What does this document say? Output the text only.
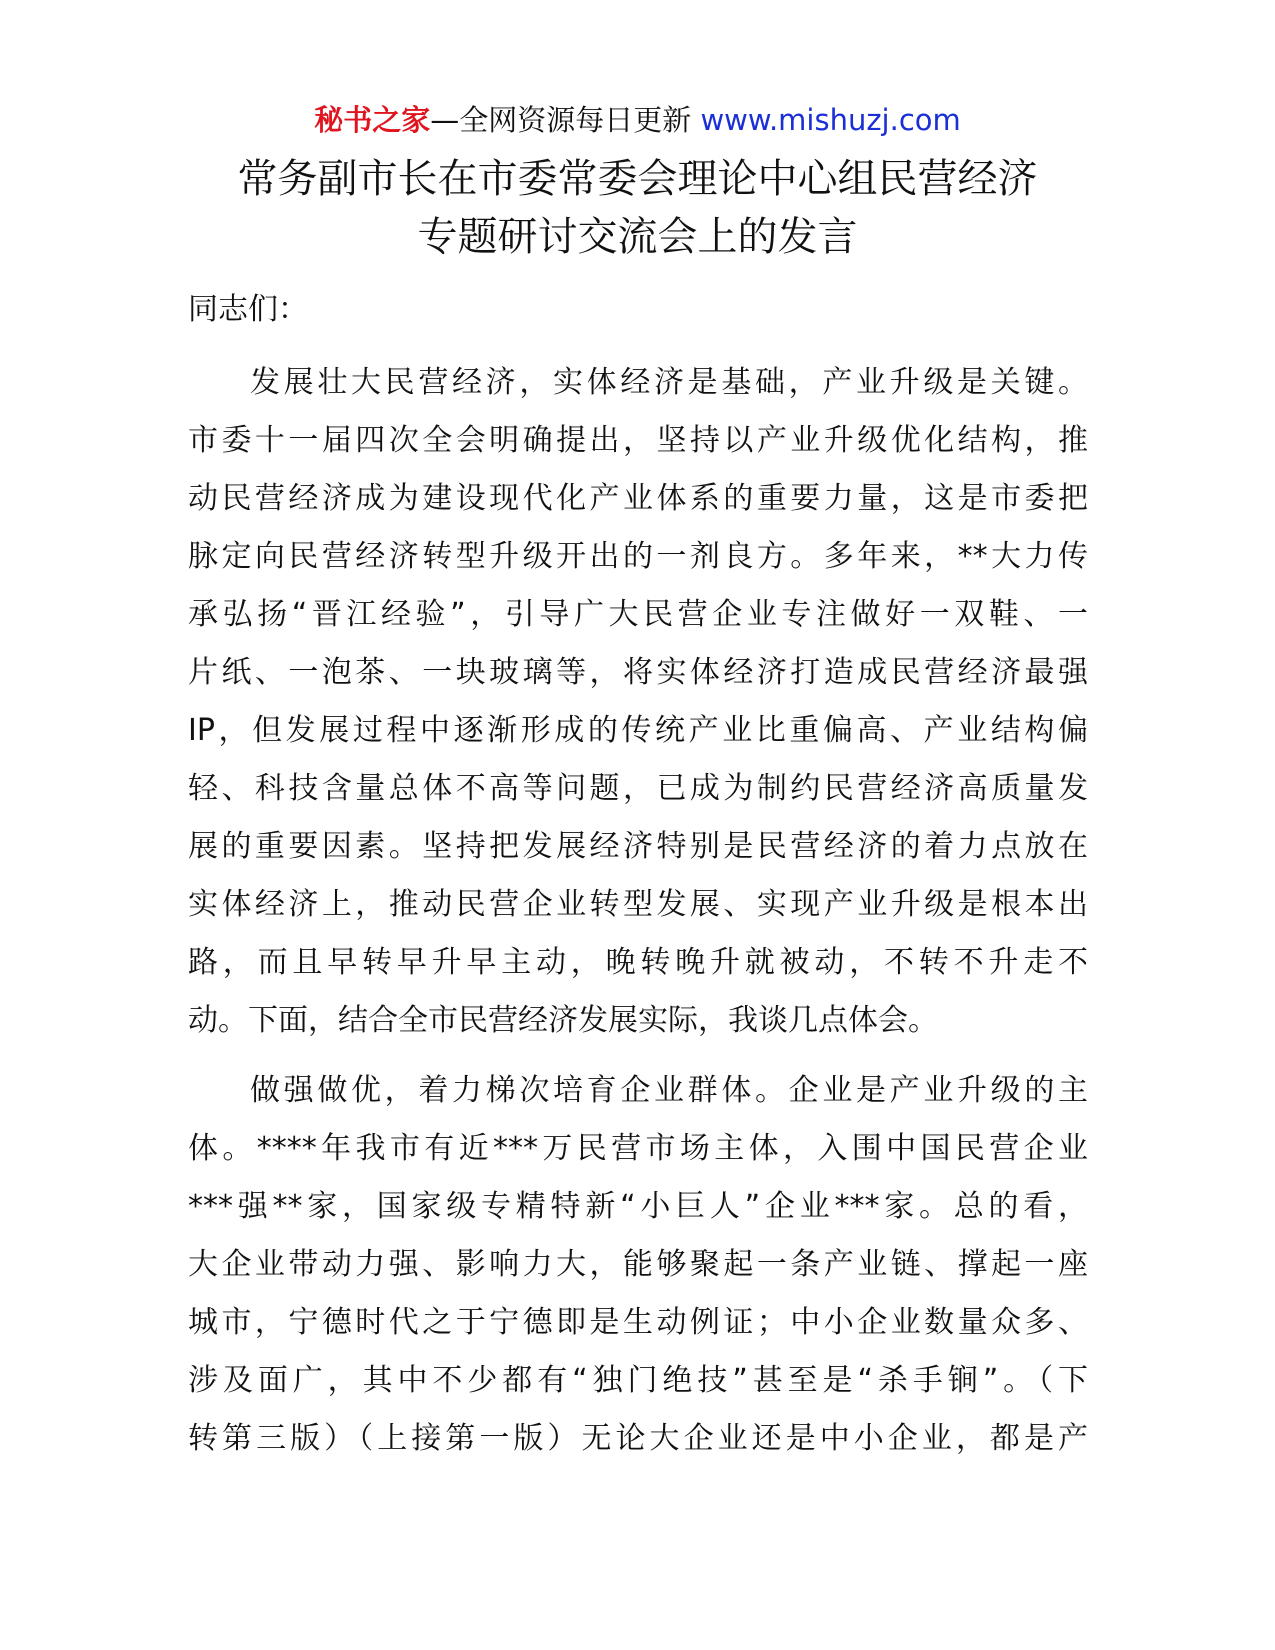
秘书之家—全网资源每日更新 www.mishuzj.com
常务副市长在市委常委会理论中心组民营经济
专题研讨交流会上的发言
同志们：
发展壮大民营经济，实体经济是基础，产业升级是关键。
市委十一届四次全会明确提出，坚持以产业升级优化结构，推
动民营经济成为建设现代化产业体系的重要力量，这是市委把
脉定向民营经济转型升级开出的一剂良方。多年来，**大力传
承弘扬“晋江经验”，引导广大民营企业专注做好一双鞋、一
片纸、一泡茶、一块玻璃等，将实体经济打造成民营经济最强
IP，但发展过程中逐渐形成的传统产业比重偏高、产业结构偏
轻、科技含量总体不高等问题，已成为制约民营经济高质量发
展的重要因素。坚持把发展经济特别是民营经济的着力点放在
实体经济上，推动民营企业转型发展、实现产业升级是根本出
路，而且早转早升早主动，晚转晚升就被动，不转不升走不
动。下面，结合全市民营经济发展实际，我谈几点体会。
做强做优，着力梯次培育企业群体。企业是产业升级的主
体。****年我市有近***万民营市场主体，入围中国民营企业
***强**家，国家级专精特新“小巨人”企业***家。总的看，
大企业带动力强、影响力大，能够聚起一条产业链、撑起一座
城市，宁德时代之于宁德即是生动例证；中小企业数量众多、
涉及面广，其中不少都有“独门绝技”甚至是“杀手锏”。（下
转第三版）（上接第一版）无论大企业还是中小企业，都是产
